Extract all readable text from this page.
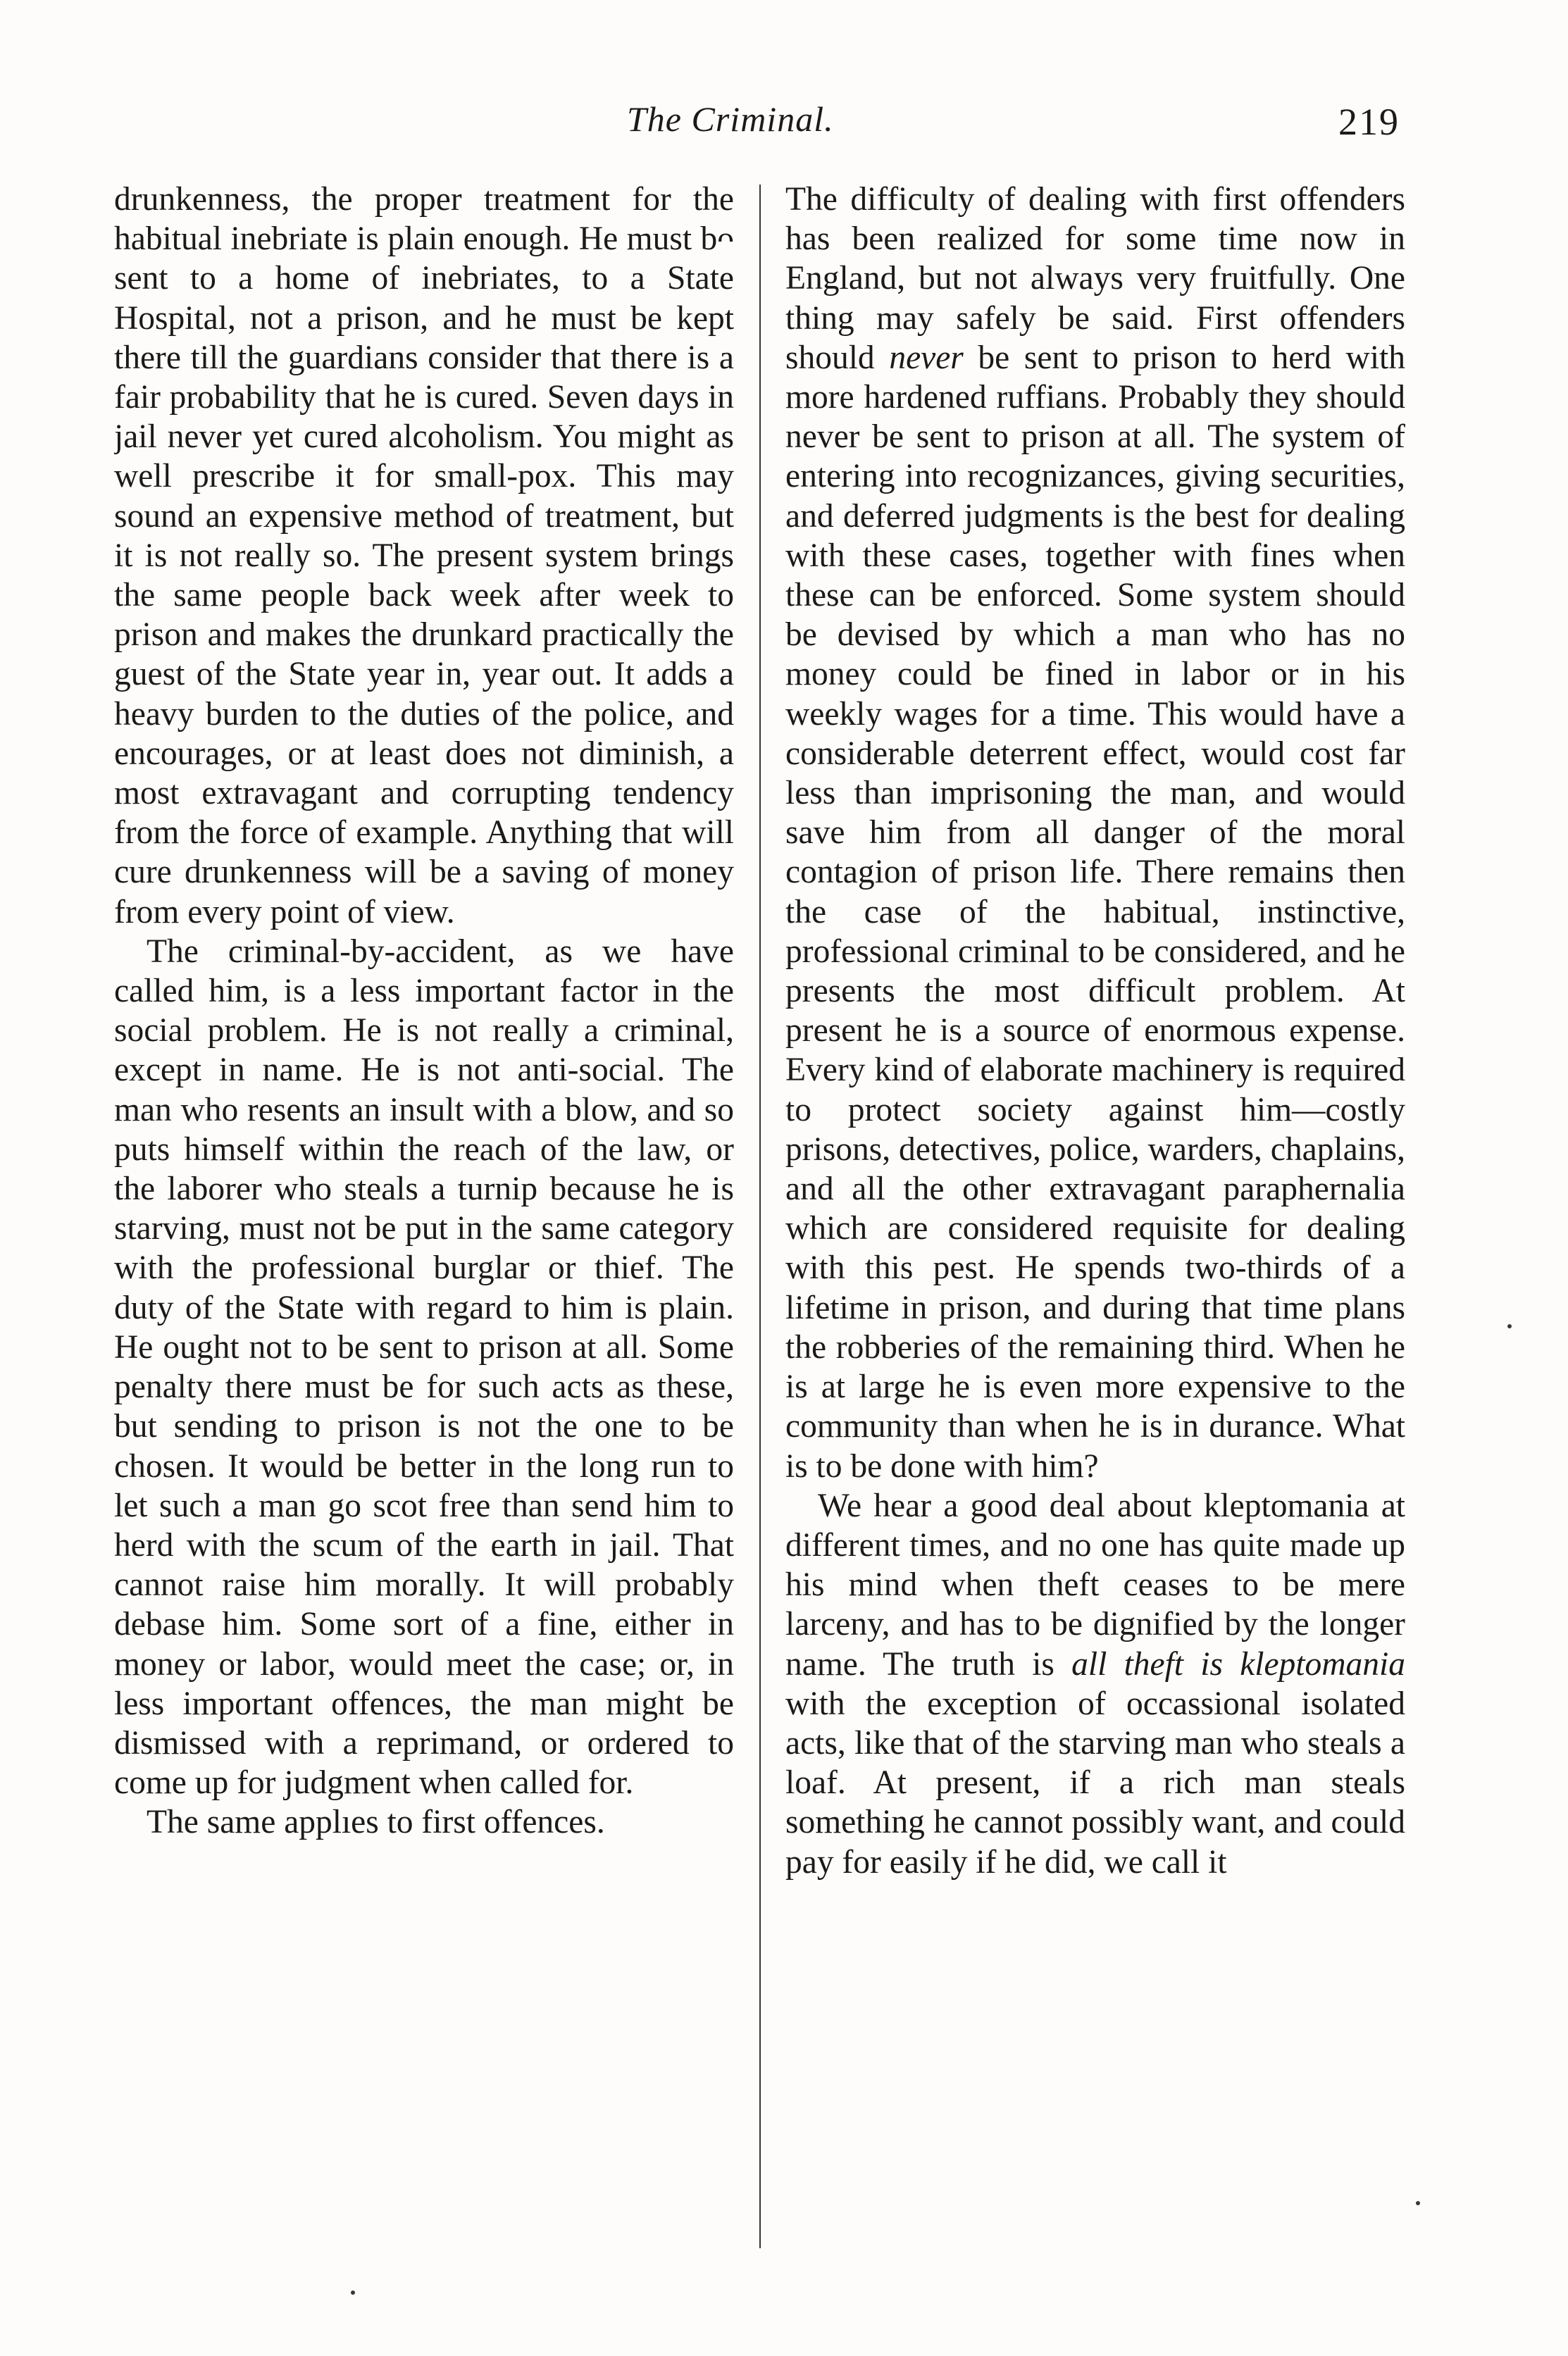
The Criminal.	219

drunkenness, the proper treatment for the habitual inebriate is plain enough. He must bᴖ sent to a home of inebriates, to a State Hospital, not a prison, and he must be kept there till the guardians consider that there is a fair probability that he is cured. Seven days in jail never yet cured alcoholism. You might as well prescribe it for small-pox. This may sound an expensive method of treatment, but it is not really so. The present system brings the same people back week after week to prison and makes the drunkard practically the guest of the State year in, year out. It adds a heavy burden to the duties of the police, and encourages, or at least does not diminish, a most extravagant and corrupting tendency from the force of example. Anything that will cure drunkenness will be a saving of money from every point of view.

The criminal-by-accident, as we have called him, is a less important factor in the social problem. He is not really a criminal, except in name. He is not anti-social. The man who resents an insult with a blow, and so puts himself within the reach of the law, or the laborer who steals a turnip because he is starving, must not be put in the same category with the professional burglar or thief. The duty of the State with regard to him is plain. He ought not to be sent to prison at all. Some penalty there must be for such acts as these, but sending to prison is not the one to be chosen. It would be better in the long run to let such a man go scot free than send him to herd with the scum of the earth in jail. That cannot raise him morally. It will probably debase him. Some sort of a fine, either in money or labor, would meet the case; or, in less important offences, the man might be dismissed with a reprimand, or ordered to come up for judgment when called for.

The same applıes to first offences.

The difficulty of dealing with first offenders has been realized for some time now in England, but not always very fruitfully. One thing may safely be said. First offenders should never be sent to prison to herd with more hardened ruffians. Probably they should never be sent to prison at all. The system of entering into recognizances, giving securities, and deferred judgments is the best for dealing with these cases, together with fines when these can be enforced. Some system should be devised by which a man who has no money could be fined in labor or in his weekly wages for a time. This would have a considerable deterrent effect, would cost far less than imprisoning the man, and would save him from all danger of the moral contagion of prison life. There remains then the case of the habitual, instinctive, professional criminal to be considered, and he presents the most difficult problem. At present he is a source of enormous expense. Every kind of elaborate machinery is required to protect society against him—costly prisons, detectives, police, warders, chaplains, and all the other extravagant paraphernalia which are considered requisite for dealing with this pest. He spends two-thirds of a lifetime in prison, and during that time plans the robberies of the remaining third. When he is at large he is even more expensive to the community than when he is in durance. What is to be done with him?

We hear a good deal about kleptomania at different times, and no one has quite made up his mind when theft ceases to be mere larceny, and has to be dignified by the longer name. The truth is all theft is kleptomania with the exception of occassional isolated acts, like that of the starving man who steals a loaf. At present, if a rich man steals something he cannot possibly want, and could pay for easily if he did, we call it
